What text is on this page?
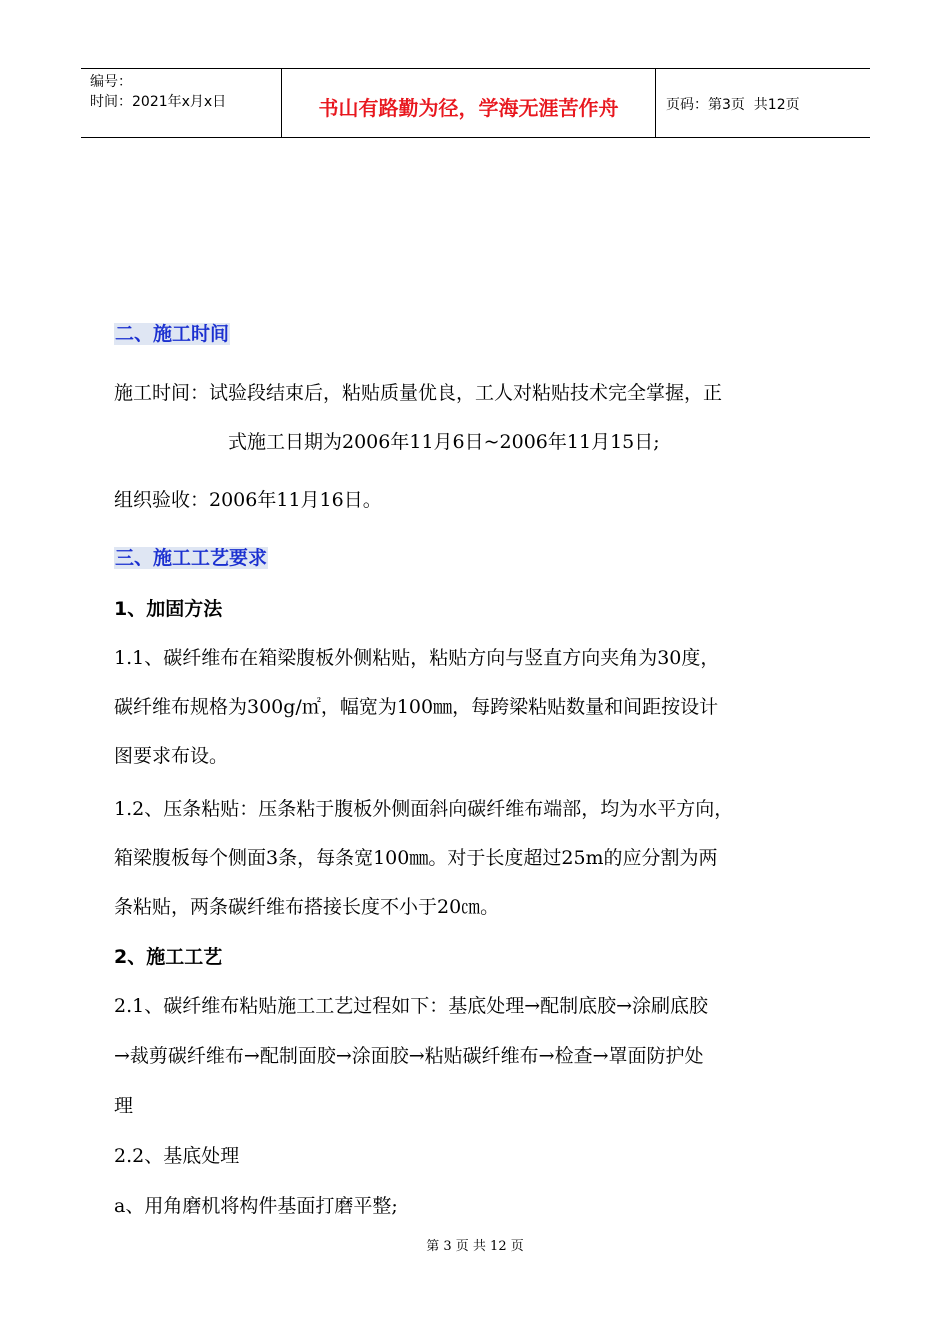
编号：
时间：2021年x月x日	书山有路勤为径，学海无涯苦作舟	页码：第3页  共12页
二、施工时间
施工时间：试验段结束后，粘贴质量优良，工人对粘贴技术完全掌握，正
式施工日期为2006年11月6日~2006年11月15日;
组织验收：2006年11月16日。
三、施工工艺要求
1、加固方法
1.1、碳纤维布在箱梁腹板外侧粘贴，粘贴方向与竖直方向夹角为30度，
碳纤维布规格为300g/㎡，幅宽为100㎜，每跨梁粘贴数量和间距按设计
图要求布设。
1.2、压条粘贴：压条粘于腹板外侧面斜向碳纤维布端部，均为水平方向，
箱梁腹板每个侧面3条，每条宽100㎜。对于长度超过25m的应分割为两
条粘贴，两条碳纤维布搭接长度不小于20㎝。
2、施工工艺
2.1、碳纤维布粘贴施工工艺过程如下：基底处理→配制底胶→涂刷底胶
→裁剪碳纤维布→配制面胶→涂面胶→粘贴碳纤维布→检查→罩面防护处
理
2.2、基底处理
a、用角磨机将构件基面打磨平整;
第 3 页 共 12 页
